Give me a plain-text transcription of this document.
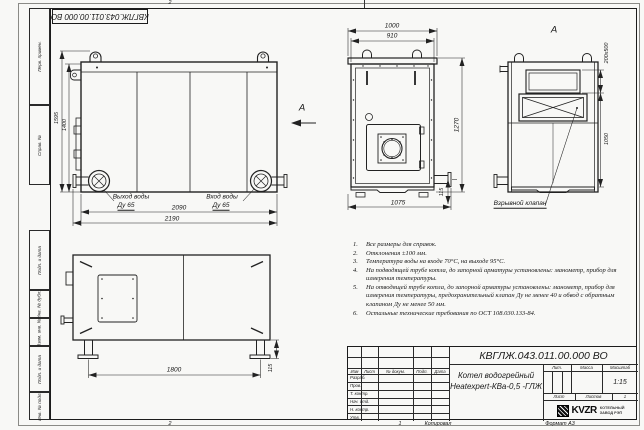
Перв. примен.
Справ. №
Подп. и дата
Инв. № дубл.
Взам. инв. №
Подп. и дата
Инв. № подл.
КВГЛЖ.043.011.00.000 ВО
1595
1400
2090
2190
Выход воды
Ду 65
Вход воды
Ду 65
А
1000
910
1270
1075
115
А
200х500
1050
Взрывной клапан
1800	115
2
2	1	Копировал	Формат А3
1.	Все размеры для справок.
2.	Отклонения ±100 мм.
3.	Температура воды на входе 70°С, на выходе 95°С.
4.	На подводящей трубе котла, до запорной арматуры установлены: манометр, прибор для измерения температуры.
5.	На отводящей трубе котла, до запорной арматуры установлены: манометр, прибор для измерения температуры, предохранительный клапан Ду не менее 40 и обвод с обратным клапаном Ду не менее 50 мм.
6.	Остальные технические требования по ОСТ 108.030.133-84.
Изм	Лист	№ докум.	Подп.	Дата
Разраб.
Пров.
Т. контр.
Нач. отд.
Н. контр.
Утв.
КВГЛЖ.043.011.00.000 ВО
Котел водогрейный
Heatexpert-КВа-0,5 -ГЛЖ
Лит.	Масса	Масштаб
1:15
Лист	Листов	1
KVZR КОТЕЛЬНЫЙ
ЗАВОД РЭП
